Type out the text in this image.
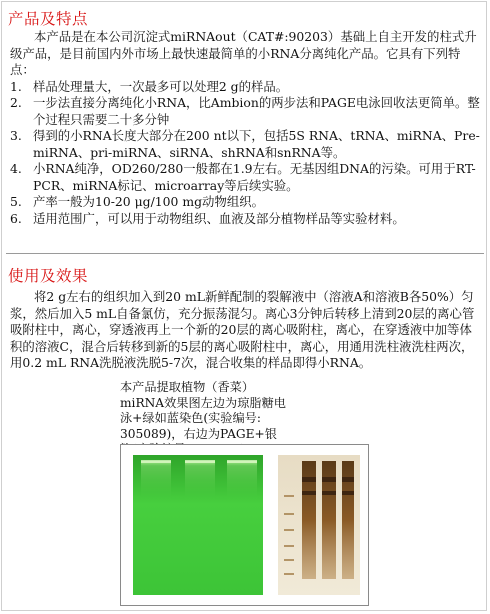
产品及特点

本产品是在本公司沉淀式miRNAout（CAT#:90203）基础上自主开发的柱式升级产品，是目前国内外市场上最快速最简单的小RNA分离纯化产品。它具有下列特点：

1. 样品处理量大，一次最多可以处理2 g的样品。
2. 一步法直接分离纯化小RNA，比Ambion的两步法和PAGE电泳回收法更简单。整个过程只需要二十多分钟
3. 得到的小RNA长度大部分在200 nt以下，包括5S RNA、tRNA、miRNA、Pre-miRNA、pri-miRNA、siRNA、shRNA和snRNA等。
4. 小RNA纯净，OD260/280一般都在1.9左右。无基因组DNA的污染。可用于RT-PCR、miRNA标记、microarray等后续实验。
5. 产率一般为10-20 μg/100 mg动物组织。
6. 适用范围广，可以用于动物组织、血液及部分植物样品等实验材料。
使用及效果

将2 g左右的组织加入到20 mL新鲜配制的裂解液中（溶液A和溶液B各50%）匀浆，然后加入5 mL自备氯仿，充分振荡混匀。离心3分钟后转移上清到20层的离心管吸附柱中，离心，穿透液再上一个新的20层的离心吸附柱，离心，在穿透液中加等体积的溶液C，混合后转移到新的5层的离心吸附柱中，离心，用通用洗柱液洗柱两次，用0.2 mL RNA洗脱液洗脱5-7次，混合收集的样品即得小RNA。

本产品提取植物（香菜）miRNA效果图左边为琼脂糖电泳+绿如蓝染色(实验编号: 305089)，右边为PAGE+银
